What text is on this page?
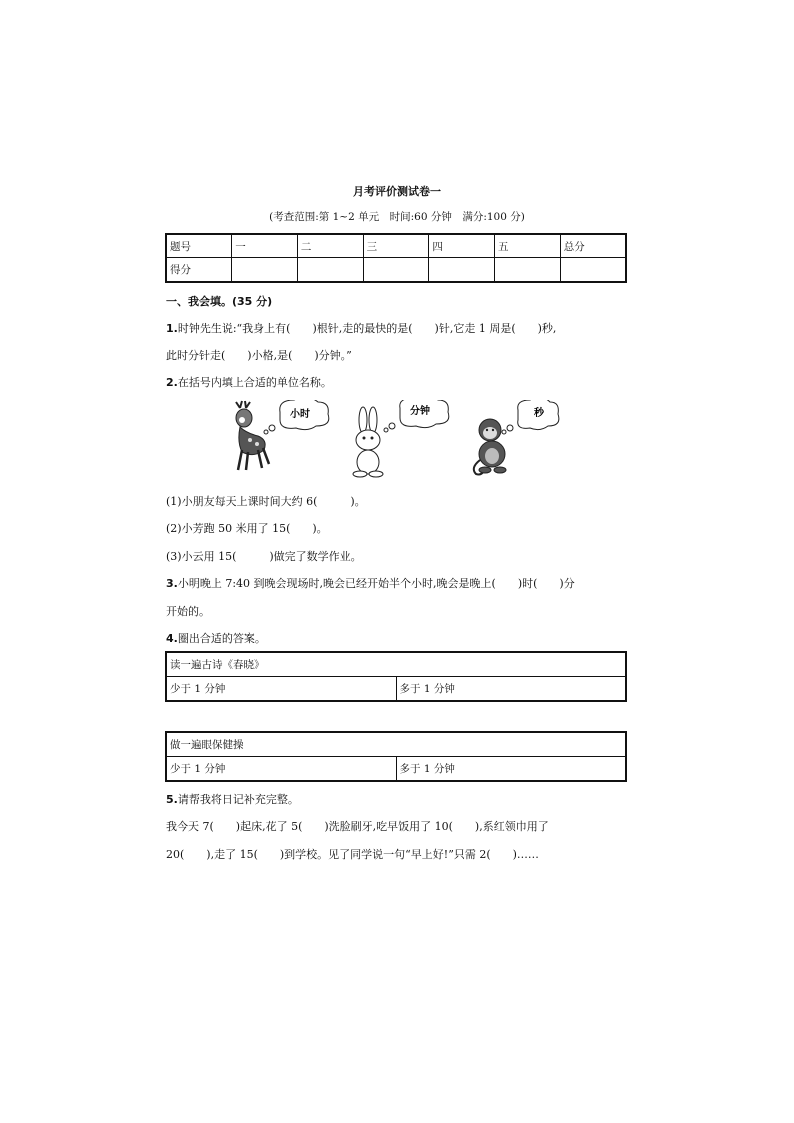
月考评价测试卷一
(考查范围:第 1~2 单元　时间:60 分钟　满分:100 分)
题号	一	二	三	四	五	总分
得分						
一、我会填。(35 分)
1.时钟先生说:“我身上有(　　)根针,走的最快的是(　　)针,它走 1 周是(　　)秒,
此时分针走(　　)小格,是(　　)分钟。”
2.在括号内填上合适的单位名称。
小时	分钟	秒
(1)小朋友每天上课时间大约 6(　　　)。
(2)小芳跑 50 米用了 15(　　)。
(3)小云用 15(　　　)做完了数学作业。
3.小明晚上 7:40 到晚会现场时,晚会已经开始半个小时,晚会是晚上(　　)时(　　)分
开始的。
4.圈出合适的答案。
读一遍古诗《春晓》
少于 1 分钟	多于 1 分钟
做一遍眼保健操
少于 1 分钟	多于 1 分钟
5.请帮我将日记补充完整。
我今天 7(　　)起床,花了 5(　　)洗脸刷牙,吃早饭用了 10(　　),系红领巾用了
20(　　),走了 15(　　)到学校。见了同学说一句“早上好!”只需 2(　　)……
